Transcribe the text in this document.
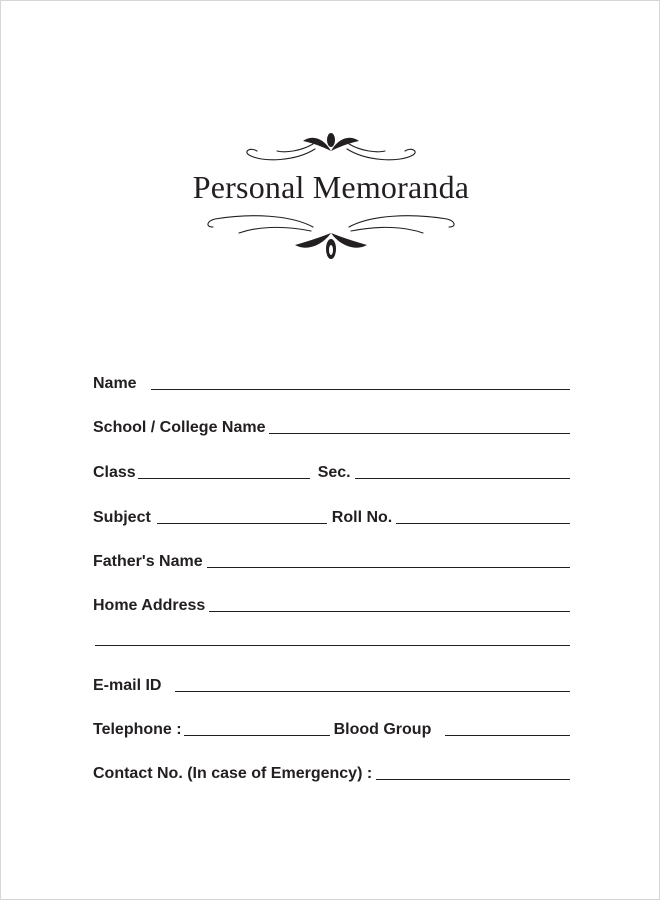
Personal Memoranda
Name
School / College Name
Class	Sec.
Subject	Roll No.
Father's Name
Home Address
E-mail ID
Telephone :	Blood Group
Contact No. (In case of Emergency) :
